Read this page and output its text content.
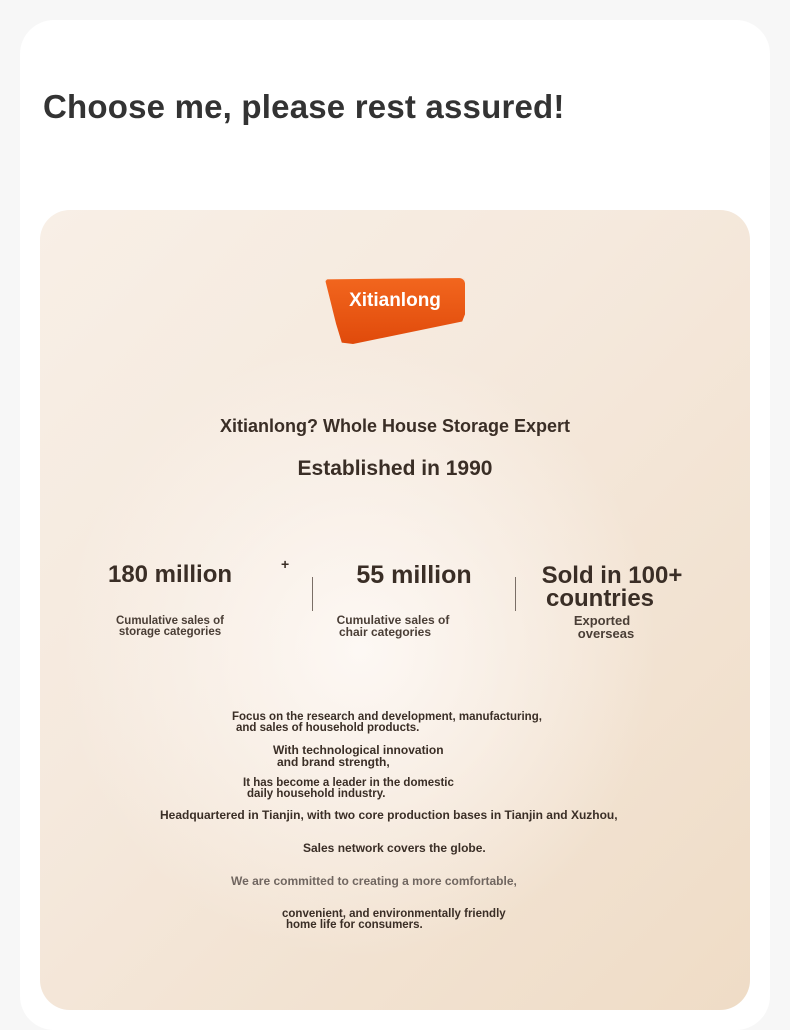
Choose me, please rest assured!
Xitianlong
Xitianlong? Whole House Storage Expert
Established in 1990
180 million
Cumulative sales of
storage categories
+	55 million
Cumulative sales of
chair categories
Sold in 100+
countries
Exported
overseas
Focus on the research and development, manufacturing,
and sales of household products.
With technological innovation
and brand strength,
It has become a leader in the domestic
daily household industry.
Headquartered in Tianjin, with two core production bases in Tianjin and Xuzhou,
Sales network covers the globe.
We are committed to creating a more comfortable,
convenient, and environmentally friendly
home life for consumers.
